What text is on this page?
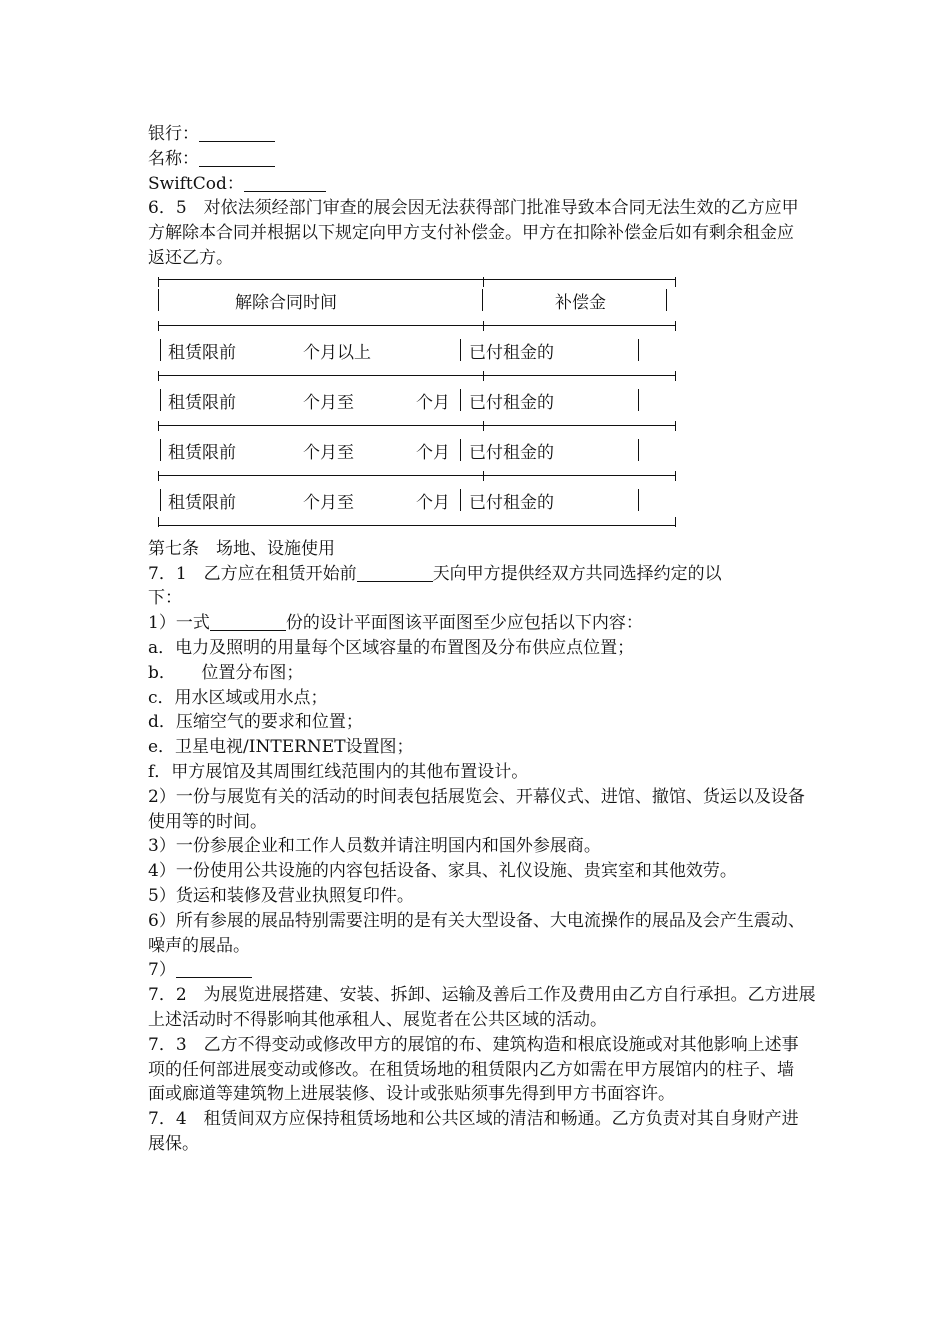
银行：

名称：

SwiftCod：

6．5　对依法须经部门审查的展会因无法获得部门批准导致本合同无法生效的乙方应甲方解除本合同并根据以下规定向甲方支付补偿金。甲方在扣除补偿金后如有剩余租金应返还乙方。

解除合同时间	补偿金
租赁限前	个月以上	已付租金的
租赁限前	个月至	个月 已付租金的
租赁限前	个月至	个月 已付租金的
租赁限前	个月至	个月 已付租金的

第七条　场地、设施使用

7．1　乙方应在租赁开始前	天向甲方提供经双方共同选择约定的以

下：

1）一式	份的设计平面图该平面图至少应包括以下内容：

a．电力及照明的用量每个区域容量的布置图及分布供应点位置；

b．　　位置分布图；

c．用水区域或用水点；

d．压缩空气的要求和位置；

e．卫星电视/INTERNET设置图；

f．甲方展馆及其周围红线范围内的其他布置设计。

2）一份与展览有关的活动的时间表包括展览会、开幕仪式、进馆、撤馆、货运以及设备使用等的时间。

3）一份参展企业和工作人员数并请注明国内和国外参展商。

4）一份使用公共设施的内容包括设备、家具、礼仪设施、贵宾室和其他效劳。

5）货运和装修及营业执照复印件。

6）所有参展的展品特别需要注明的是有关大型设备、大电流操作的展品及会产生震动、噪声的展品。

7）

7．2　为展览进展搭建、安装、拆卸、运输及善后工作及费用由乙方自行承担。乙方进展上述活动时不得影响其他承租人、展览者在公共区域的活动。

7．3　乙方不得变动或修改甲方的展馆的布、建筑构造和根底设施或对其他影响上述事项的任何部进展变动或修改。在租赁场地的租赁限内乙方如需在甲方展馆内的柱子、墙面或廊道等建筑物上进展装修、设计或张贴须事先得到甲方书面容许。

7．4　租赁间双方应保持租赁场地和公共区域的清洁和畅通。乙方负责对其自身财产进展保。
